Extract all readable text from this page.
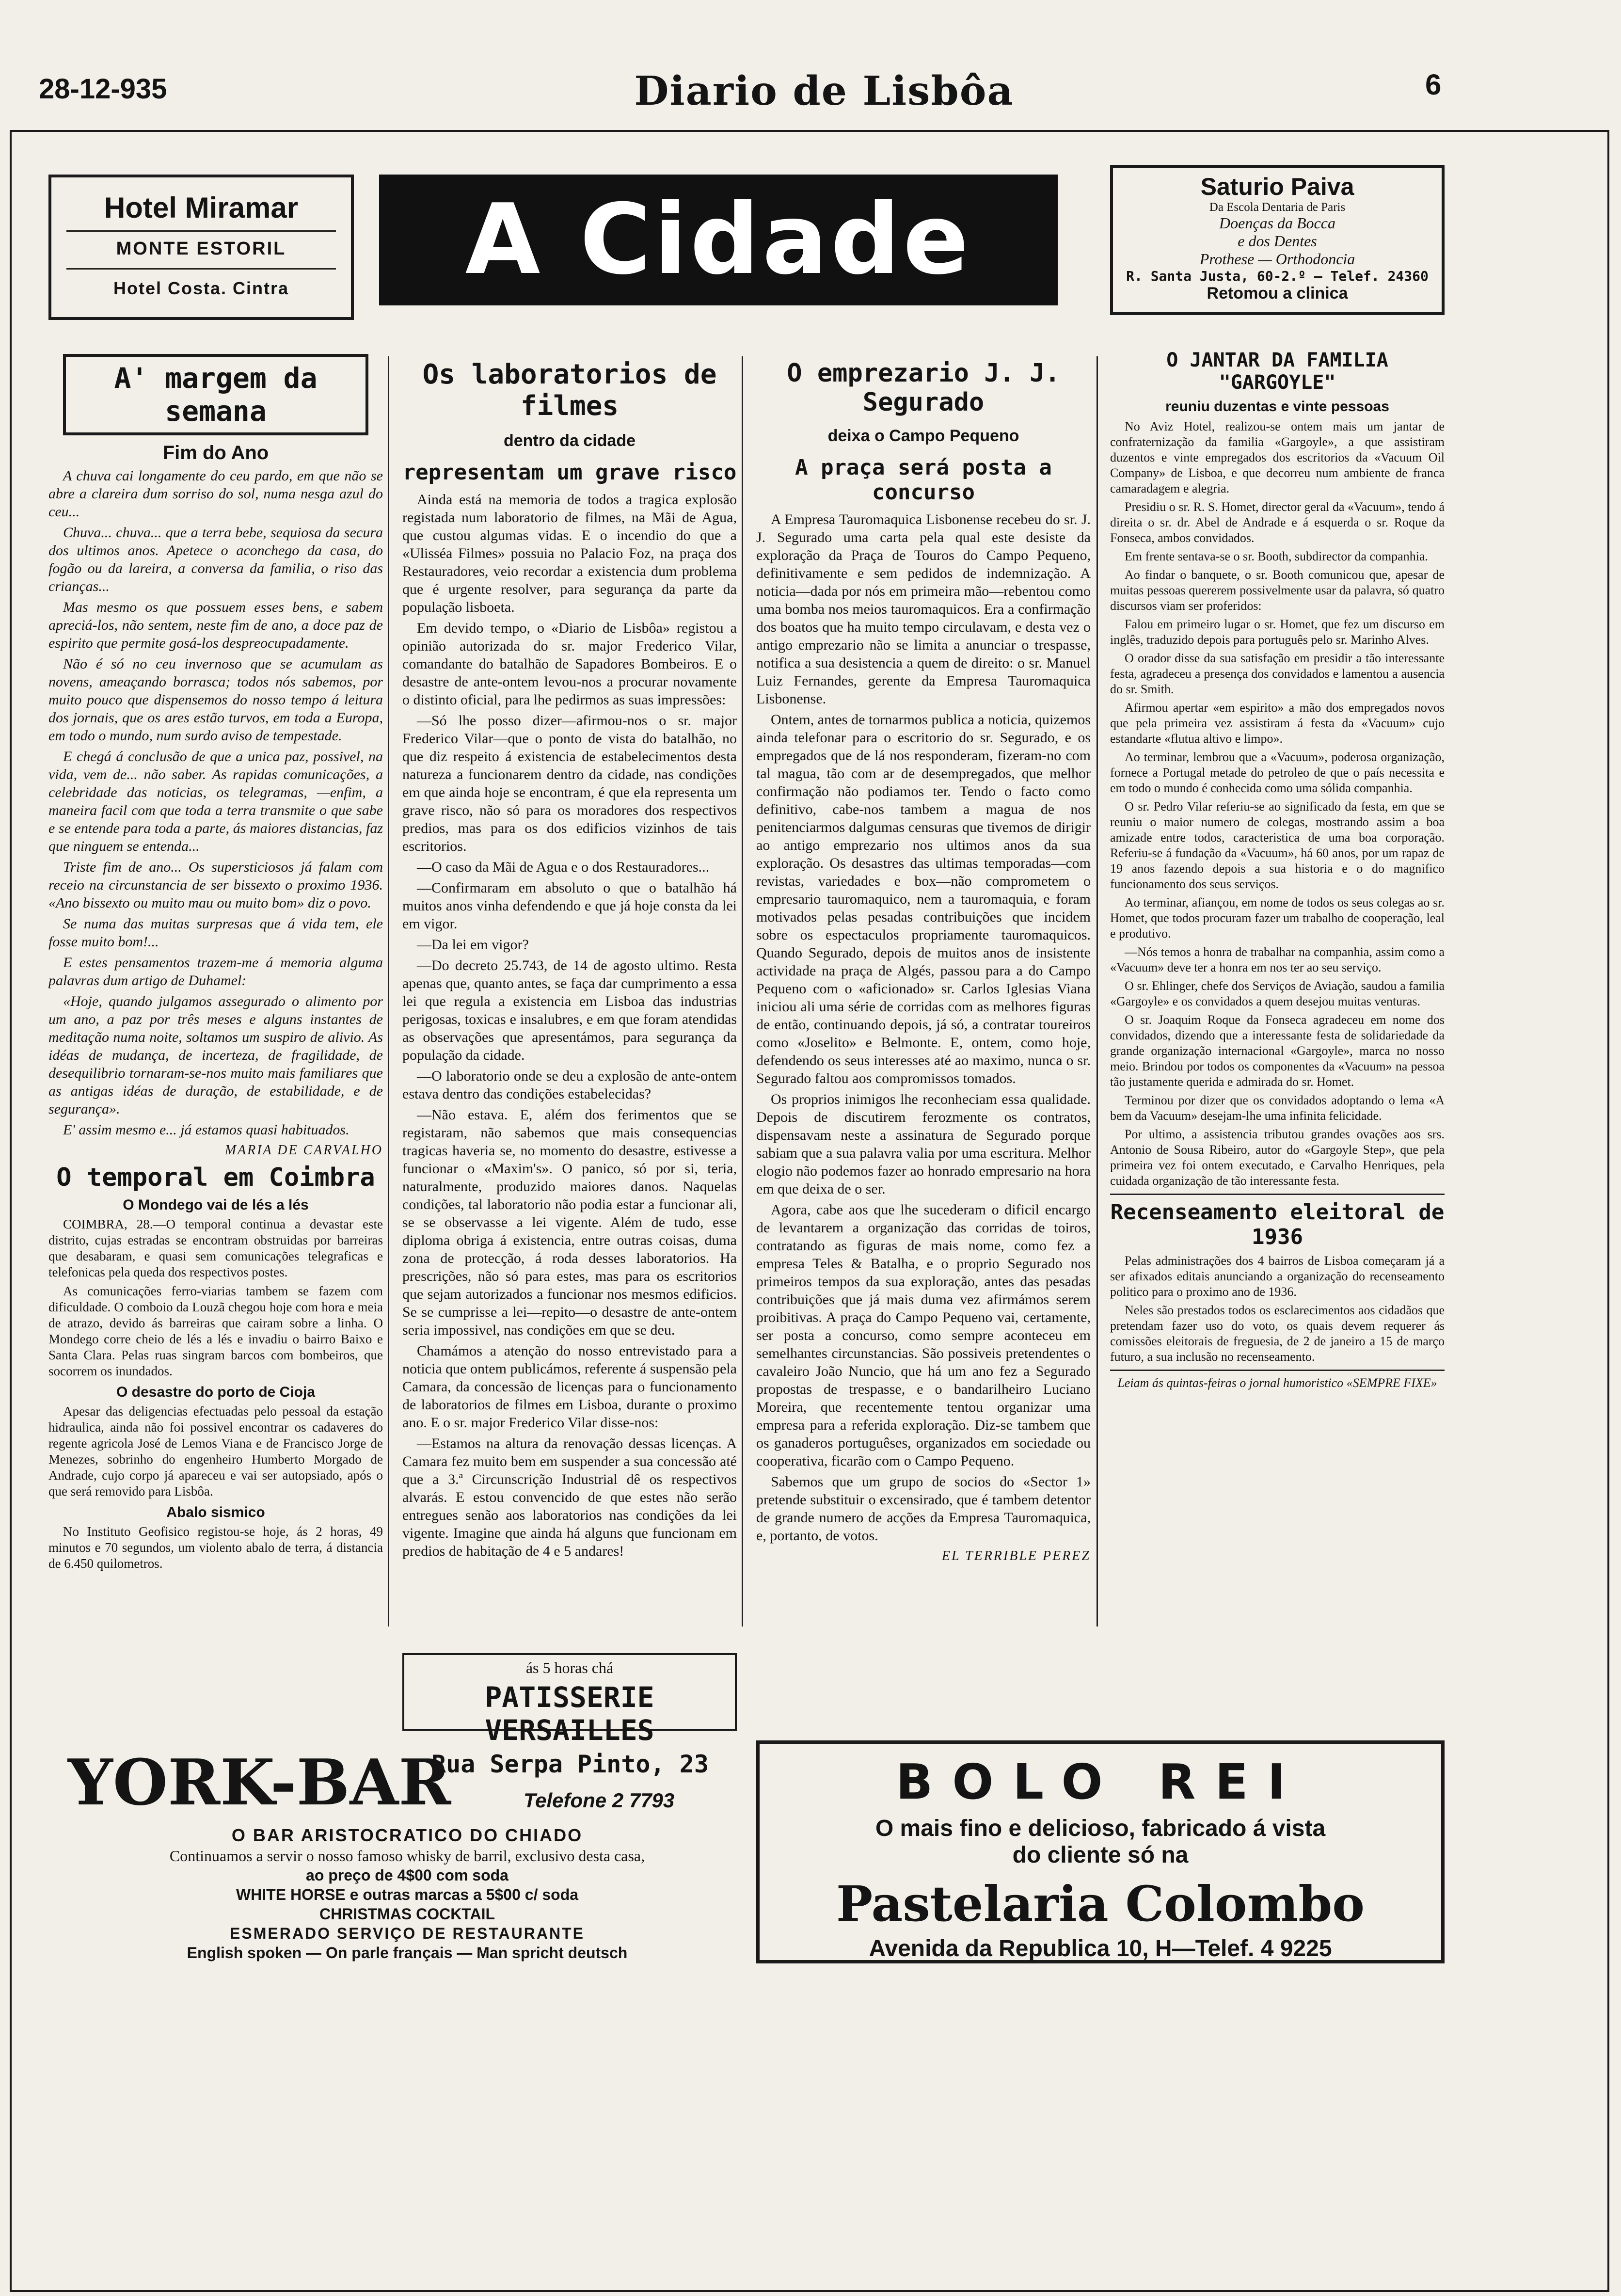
28-12-935	Diario de Lisbôa	6
Hotel Miramar
MONTE ESTORIL
Hotel Costa. Cintra	A Cidade	Saturio Paiva
Da Escola Dentaria de Paris
Doenças da Bocca
e dos Dentes
Prothese — Orthodoncia
R. Santa Justa, 60-2.º — Telef. 24360
Retomou a clinica
A' margem da semana
Fim do Ano

A chuva cai longamente do ceu pardo, em que não se abre a clareira dum sorriso do sol, numa nesga azul do ceu...

Chuva... chuva... que a terra bebe, sequiosa da secura dos ultimos anos. Apetece o aconchego da casa, do fogão ou da lareira, a conversa da familia, o riso das crianças...

Mas mesmo os que possuem esses bens, e sabem apreciá-los, não sentem, neste fim de ano, a doce paz de espirito que permite gosá-los despreocupadamente.

Não é só no ceu invernoso que se acumulam as novens, ameaçando borrasca; todos nós sabemos, por muito pouco que dispensemos do nosso tempo á leitura dos jornais, que os ares estão turvos, em toda a Europa, em todo o mundo, num surdo aviso de tempestade.

E chegá á conclusão de que a unica paz, possivel, na vida, vem de... não saber. As rapidas comunicações, a celebridade das noticias, os telegramas, —enfim, a maneira facil com que toda a terra transmite o que sabe e se entende para toda a parte, ás maiores distancias, faz que ninguem se entenda...

Triste fim de ano... Os supersticiosos já falam com receio na circunstancia de ser bissexto o proximo 1936. «Ano bissexto ou muito mau ou muito bom» diz o povo.

Se numa das muitas surpresas que á vida tem, ele fosse muito bom!...

E estes pensamentos trazem-me á memoria alguma palavras dum artigo de Duhamel:

«Hoje, quando julgamos assegurado o alimento por um ano, a paz por três meses e alguns instantes de meditação numa noite, soltamos um suspiro de alivio. As idéas de mudança, de incerteza, de fragilidade, de desequilibrio tornaram-se-nos muito mais familiares que as antigas idéas de duração, de estabilidade, e de segurança».

E' assim mesmo e... já estamos quasi habituados.

MARIA DE CARVALHO
O temporal em Coimbra
O Mondego vai de lés a lés

COIMBRA, 28.—O temporal continua a devastar este distrito, cujas estradas se encontram obstruidas por barreiras que desabaram, e quasi sem comunicações telegraficas e telefonicas pela queda dos respectivos postes.

As comunicações ferro-viarias tambem se fazem com dificuldade. O comboio da Louzã chegou hoje com hora e meia de atrazo, devido ás barreiras que cairam sobre a linha. O Mondego corre cheio de lés a lés e invadiu o bairro Baixo e Santa Clara. Pelas ruas singram barcos com bombeiros, que socorrem os inundados.

O desastre do porto de Cioja

Apesar das deligencias efectuadas pelo pessoal da estação hidraulica, ainda não foi possivel encontrar os cadaveres do regente agricola José de Lemos Viana e de Francisco Jorge de Menezes, sobrinho do engenheiro Humberto Morgado de Andrade, cujo corpo já apareceu e vai ser autopsiado, após o que será removido para Lisbôa.

Abalo sismico

No Instituto Geofisico registou-se hoje, ás 2 horas, 49 minutos e 70 segundos, um violento abalo de terra, á distancia de 6.450 quilometros.

Os laboratorios de filmes
dentro da cidade
representam um grave risco

Ainda está na memoria de todos a tragica explosão registada num laboratorio de filmes, na Mãi de Agua, que custou algumas vidas. E o incendio do que a «Ulisséa Filmes» possuia no Palacio Foz, na praça dos Restauradores, veio recordar a existencia dum problema que é urgente resolver, para segurança da parte da população lisboeta.

Em devido tempo, o «Diario de Lisbôa» registou a opinião autorizada do sr. major Frederico Vilar, comandante do batalhão de Sapadores Bombeiros. E o desastre de ante-ontem levou-nos a procurar novamente o distinto oficial, para lhe pedirmos as suas impressões:

—Só lhe posso dizer—afirmou-nos o sr. major Frederico Vilar—que o ponto de vista do batalhão, no que diz respeito á existencia de estabelecimentos desta natureza a funcionarem dentro da cidade, nas condições em que ainda hoje se encontram, é que ela representa um grave risco, não só para os moradores dos respectivos predios, mas para os dos edificios vizinhos de tais escritorios.

—O caso da Mãi de Agua e o dos Restauradores...

—Confirmaram em absoluto o que o batalhão há muitos anos vinha defendendo e que já hoje consta da lei em vigor.

—Da lei em vigor?

—Do decreto 25.743, de 14 de agosto ultimo. Resta apenas que, quanto antes, se faça dar cumprimento a essa lei que regula a existencia em Lisboa das industrias perigosas, toxicas e insalubres, e em que foram atendidas as observações que apresentámos, para segurança da população da cidade.

—O laboratorio onde se deu a explosão de ante-ontem estava dentro das condições estabelecidas?

—Não estava. E, além dos ferimentos que se registaram, não sabemos que mais consequencias tragicas haveria se, no momento do desastre, estivesse a funcionar o «Maxim's». O panico, só por si, teria, naturalmente, produzido maiores danos. Naquelas condições, tal laboratorio não podia estar a funcionar ali, se se observasse a lei vigente. Além de tudo, esse diploma obriga á existencia, entre outras coisas, duma zona de protecção, á roda desses laboratorios. Ha prescrições, não só para estes, mas para os escritorios que sejam autorizados a funcionar nos mesmos edificios. Se se cumprisse a lei—repito—o desastre de ante-ontem seria impossivel, nas condições em que se deu.

Chamámos a atenção do nosso entrevistado para a noticia que ontem publicámos, referente á suspensão pela Camara, da concessão de licenças para o funcionamento de laboratorios de filmes em Lisboa, durante o proximo ano. E o sr. major Frederico Vilar disse-nos:

—Estamos na altura da renovação dessas licenças. A Camara fez muito bem em suspender a sua concessão até que a 3.ª Circunscrição Industrial dê os respectivos alvarás. E estou convencido de que estes não serão entregues senão aos laboratorios nas condições da lei vigente. Imagine que ainda há alguns que funcionam em predios de habitação de 4 e 5 andares!

O emprezario J. J. Segurado
deixa o Campo Pequeno
A praça será posta a concurso

A Empresa Tauromaquica Lisbonense recebeu do sr. J. J. Segurado uma carta pela qual este desiste da exploração da Praça de Touros do Campo Pequeno, definitivamente e sem pedidos de indemnização. A noticia—dada por nós em primeira mão—rebentou como uma bomba nos meios tauromaquicos. Era a confirmação dos boatos que ha muito tempo circulavam, e desta vez o antigo emprezario não se limita a anunciar o trespasse, notifica a sua desistencia a quem de direito: o sr. Manuel Luiz Fernandes, gerente da Empresa Tauromaquica Lisbonense.

Ontem, antes de tornarmos publica a noticia, quizemos ainda telefonar para o escritorio do sr. Segurado, e os empregados que de lá nos responderam, fizeram-no com tal magua, tão com ar de desempregados, que melhor confirmação não podiamos ter. Tendo o facto como definitivo, cabe-nos tambem a magua de nos penitenciarmos dalgumas censuras que tivemos de dirigir ao antigo emprezario nos ultimos anos da sua exploração. Os desastres das ultimas temporadas—com revistas, variedades e box—não comprometem o empresario tauromaquico, nem a tauromaquia, e foram motivados pelas pesadas contribuições que incidem sobre os espectaculos propriamente tauromaquicos. Quando Segurado, depois de muitos anos de insistente actividade na praça de Algés, passou para a do Campo Pequeno com o «aficionado» sr. Carlos Iglesias Viana iniciou ali uma série de corridas com as melhores figuras de então, continuando depois, já só, a contratar toureiros como «Joselito» e Belmonte. E, ontem, como hoje, defendendo os seus interesses até ao maximo, nunca o sr. Segurado faltou aos compromissos tomados.

Os proprios inimigos lhe reconheciam essa qualidade. Depois de discutirem ferozmente os contratos, dispensavam neste a assinatura de Segurado porque sabiam que a sua palavra valia por uma escritura. Melhor elogio não podemos fazer ao honrado empresario na hora em que deixa de o ser.

Agora, cabe aos que lhe sucederam o dificil encargo de levantarem a organização das corridas de toiros, contratando as figuras de mais nome, como fez a empresa Teles & Batalha, e o proprio Segurado nos primeiros tempos da sua exploração, antes das pesadas contribuições que já mais duma vez afirmámos serem proibitivas. A praça do Campo Pequeno vai, certamente, ser posta a concurso, como sempre aconteceu em semelhantes circunstancias. São possiveis pretendentes o cavaleiro João Nuncio, que há um ano fez a Segurado propostas de trespasse, e o bandarilheiro Luciano Moreira, que recentemente tentou organizar uma empresa para a referida exploração. Diz-se tambem que os ganaderos portuguêses, organizados em sociedade ou cooperativa, ficarão com o Campo Pequeno.

Sabemos que um grupo de socios do «Sector 1» pretende substituir o excensirado, que é tambem detentor de grande numero de acções da Empresa Tauromaquica, e, portanto, de votos.

EL TERRIBLE PEREZ
O JANTAR DA FAMILIA "GARGOYLE"
reuniu duzentas e vinte pessoas

No Aviz Hotel, realizou-se ontem mais um jantar de confraternização da familia «Gargoyle», a que assistiram duzentos e vinte empregados dos escritorios da «Vacuum Oil Company» de Lisboa, e que decorreu num ambiente de franca camaradagem e alegria.

Presidiu o sr. R. S. Homet, director geral da «Vacuum», tendo á direita o sr. dr. Abel de Andrade e á esquerda o sr. Roque da Fonseca, ambos convidados.

Em frente sentava-se o sr. Booth, subdirector da companhia.

Ao findar o banquete, o sr. Booth comunicou que, apesar de muitas pessoas quererem possivelmente usar da palavra, só quatro discursos viam ser proferidos:

Falou em primeiro lugar o sr. Homet, que fez um discurso em inglês, traduzido depois para português pelo sr. Marinho Alves.

O orador disse da sua satisfação em presidir a tão interessante festa, agradeceu a presença dos convidados e lamentou a ausencia do sr. Smith.

Afirmou apertar «em espirito» a mão dos empregados novos que pela primeira vez assistiram á festa da «Vacuum» cujo estandarte «flutua altivo e limpo».

Ao terminar, lembrou que a «Vacuum», poderosa organização, fornece a Portugal metade do petroleo de que o país necessita e em todo o mundo é conhecida como uma sólida companhia.

O sr. Pedro Vilar referiu-se ao significado da festa, em que se reuniu o maior numero de colegas, mostrando assim a boa amizade entre todos, caracteristica de uma boa corporação. Referiu-se á fundação da «Vacuum», há 60 anos, por um rapaz de 19 anos fazendo depois a sua historia e o do magnifico funcionamento dos seus serviços.

Ao terminar, afiançou, em nome de todos os seus colegas ao sr. Homet, que todos procuram fazer um trabalho de cooperação, leal e produtivo.

—Nós temos a honra de trabalhar na companhia, assim como a «Vacuum» deve ter a honra em nos ter ao seu serviço.

O sr. Ehlinger, chefe dos Serviços de Aviação, saudou a familia «Gargoyle» e os convidados a quem desejou muitas venturas.

O sr. Joaquim Roque da Fonseca agradeceu em nome dos convidados, dizendo que a interessante festa de solidariedade da grande organização internacional «Gargoyle», marca no nosso meio. Brindou por todos os componentes da «Vacuum» na pessoa tão justamente querida e admirada do sr. Homet.

Terminou por dizer que os convidados adoptando o lema «A bem da Vacuum» desejam-lhe uma infinita felicidade.

Por ultimo, a assistencia tributou grandes ovações aos srs. Antonio de Sousa Ribeiro, autor do «Gargoyle Step», que pela primeira vez foi ontem executado, e Carvalho Henriques, pela cuidada organização de tão interessante festa.

Recenseamento eleitoral de 1936

Pelas administrações dos 4 bairros de Lisboa começaram já a ser afixados editais anunciando a organização do recenseamento politico para o proximo ano de 1936.

Neles são prestados todos os esclarecimentos aos cidadãos que pretendam fazer uso do voto, os quais devem requerer ás comissões eleitorais de freguesia, de 2 de janeiro a 15 de março futuro, a sua inclusão no recenseamento.

Leiam ás quintas-feiras o jornal humoristico «SEMPRE FIXE»
ás 5 horas chá
PATISSERIE VERSAILLES
YORK-BAR
Rua Serpa Pinto, 23
Telefone 2 7793
O BAR ARISTOCRATICO DO CHIADO
Continuamos a servir o nosso famoso whisky de barril, exclusivo desta casa,
ao preço de 4$00 com soda
WHITE HORSE e outras marcas a 5$00 c/ soda
CHRISTMAS COCKTAIL
ESMERADO SERVIÇO DE RESTAURANTE
English spoken — On parle français — Man spricht deutsch
BOLO REI
O mais fino e delicioso, fabricado á vista
do cliente só na
Pastelaria Colombo
Avenida da Republica 10, H—Telef. 4 9225
